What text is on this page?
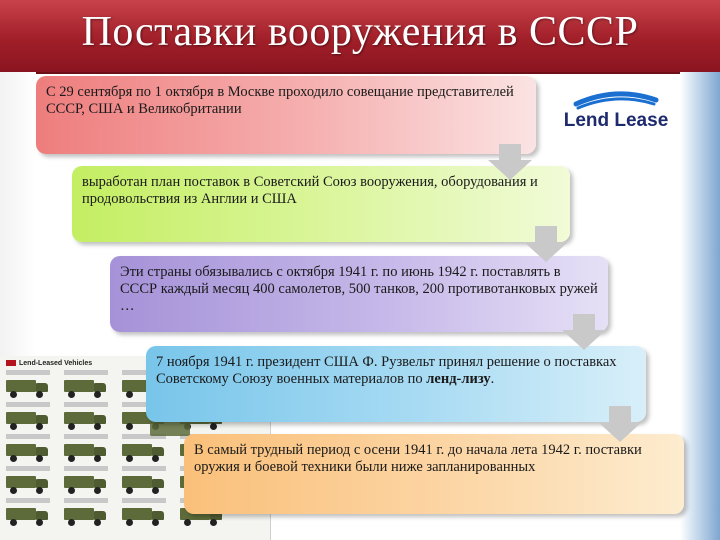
Поставки вооружения в СССР
Lend-Leased Vehicles
Lend Lease
С 29 сентября по 1 октября в Москве проходило совещание представителей СССР, США и Великобритании
выработан план поставок в Советский Союз вооружения, оборудования и продовольствия из Англии и США
Эти страны обязывались с октября 1941 г. по июнь 1942 г. поставлять в СССР каждый месяц 400 самолетов, 500 танков, 200 противотанковых ружей …
7 ноября 1941 г. президент США Ф. Рузвельт принял решение о поставках Советскому Союзу военных материалов по ленд-лизу.
В самый трудный период с осени 1941 г. до начала лета 1942 г. поставки оружия и боевой техники были ниже запланированных
